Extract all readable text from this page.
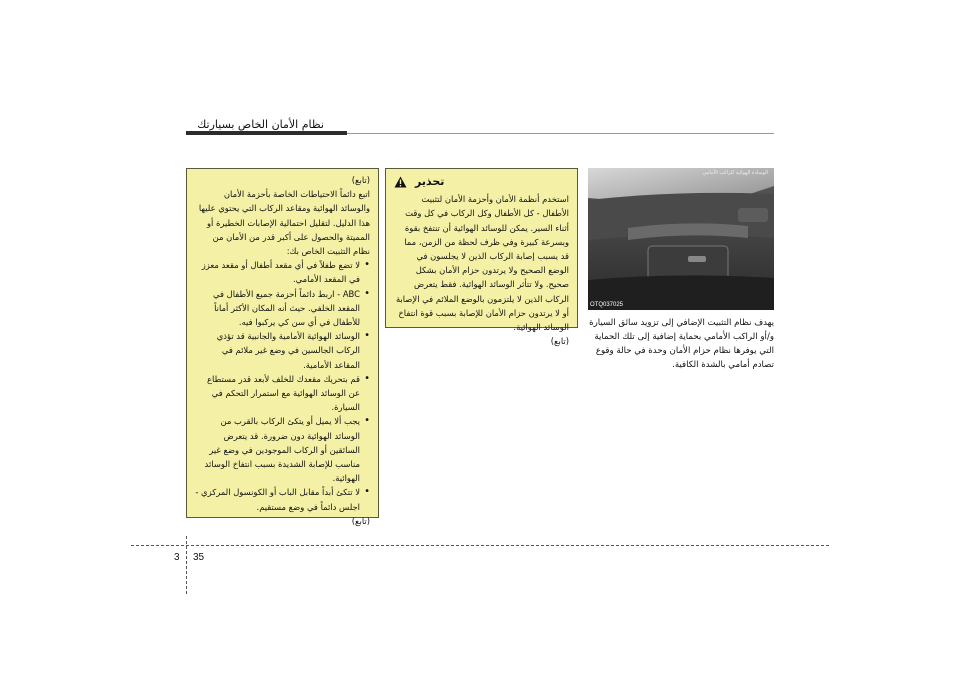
نظام الأمان الخاص بسيارتك
تحذير

استخدم أنظمة الأمان وأحزمة الأمان لتثبيت الأطفال - كل الأطفال وكل الركاب في كل وقت أثناء السير. يمكن للوسائد الهوائية أن تنتفخ بقوة وبسرعة كبيرة وفي ظرف لحظة من الزمن، مما قد يسبب إصابة الركاب الذين لا يجلسون في الوضع الصحيح ولا يرتدون حزام الأمان بشكل صحيح. ولا تتأثر الوسائد الهوائية. فقط يتعرض الركاب الذين لا يلتزمون بالوضع الملائم في الإصابة أو لا يرتدون حزام الأمان للإصابة بسبب قوة انتفاخ الوسائد الهوائية.

(تابع)
(تابع)

اتبع دائماً الاحتياطات الخاصة بأحزمة الأمان والوسائد الهوائية ومقاعد الركاب التي يحتوي عليها هذا الدليل. لتقليل احتمالية الإصابات الخطيرة أو المميتة والحصول على أكبر قدر من الأمان من نظام التثبيت الخاص بك:

• لا تضع طفلاً في أي مقعد أطفال أو مقعد معزز في المقعد الأمامي.
• ABC - اربط دائماً أحزمة جميع الأطفال في المقعد الخلفي. حيث أنه المكان الأكثر أماناً للأطفال في أي سن كي يركبوا فيه.
• الوسائد الهوائية الأمامية والجانبية قد تؤذي الركاب الجالسين في وضع غير ملائم في المقاعد الأمامية.
• قم بتحريك مقعدك للخلف لأبعد قدر مستطاع عن الوسائد الهوائية مع استمرار التحكم في السيارة.
• يجب ألا يميل أو يتكئ الركاب بالقرب من الوسائد الهوائية دون ضرورة. قد يتعرض السائقين أو الركاب الموجودين في وضع غير مناسب للإصابة الشديدة بسبب انتفاخ الوسائد الهوائية.
• لا تتكئ أبداً مقابل الباب أو الكونسول المركزي - اجلس دائماً في وضع مستقيم.
(تابع)
الوسادة الهوائية للراكب الأمامي
OTQ037025

يهدف نظام التثبيت الإضافي إلى تزويد سائق السيارة و/أو الراكب الأمامي بحماية إضافية إلى تلك الحماية التي يوفرها نظام حزام الأمان وحدة في حالة وقوع تصادم أمامي بالشدة الكافية.

3 35
